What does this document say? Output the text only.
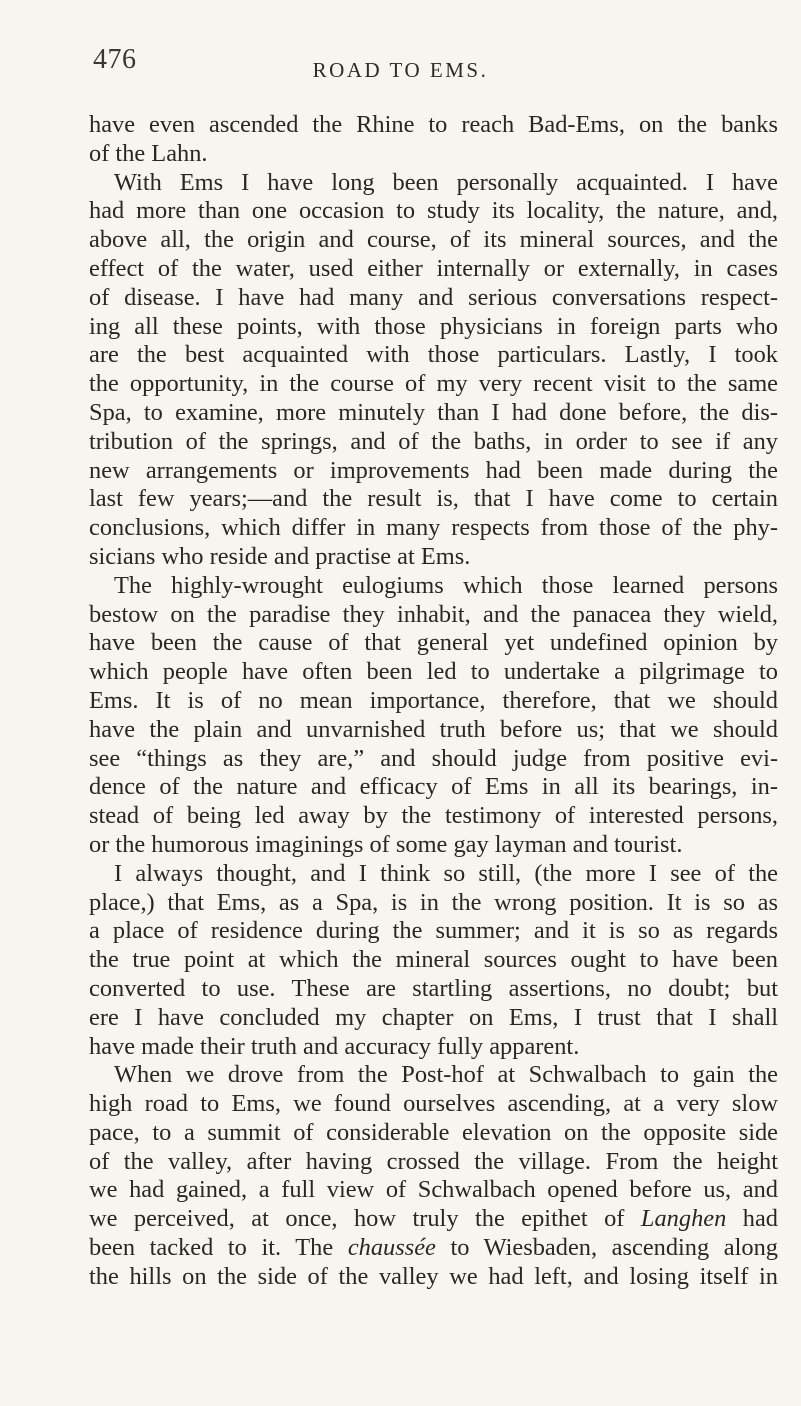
476	ROAD TO EMS.
have even ascended the Rhine to reach Bad-Ems, on the banks
of the Lahn.
With Ems I have long been personally acquainted. I have
had more than one occasion to study its locality, the nature, and,
above all, the origin and course, of its mineral sources, and the
effect of the water, used either internally or externally, in cases
of disease. I have had many and serious conversations respect-
ing all these points, with those physicians in foreign parts who
are the best acquainted with those particulars. Lastly, I took
the opportunity, in the course of my very recent visit to the same
Spa, to examine, more minutely than I had done before, the dis-
tribution of the springs, and of the baths, in order to see if any
new arrangements or improvements had been made during the
last few years;—and the result is, that I have come to certain
conclusions, which differ in many respects from those of the phy-
sicians who reside and practise at Ems.
The highly-wrought eulogiums which those learned persons
bestow on the paradise they inhabit, and the panacea they wield,
have been the cause of that general yet undefined opinion by
which people have often been led to undertake a pilgrimage to
Ems. It is of no mean importance, therefore, that we should
have the plain and unvarnished truth before us; that we should
see “things as they are,” and should judge from positive evi-
dence of the nature and efficacy of Ems in all its bearings, in-
stead of being led away by the testimony of interested persons,
or the humorous imaginings of some gay layman and tourist.
I always thought, and I think so still, (the more I see of the
place,) that Ems, as a Spa, is in the wrong position. It is so as
a place of residence during the summer; and it is so as regards
the true point at which the mineral sources ought to have been
converted to use. These are startling assertions, no doubt; but
ere I have concluded my chapter on Ems, I trust that I shall
have made their truth and accuracy fully apparent.
When we drove from the Post-hof at Schwalbach to gain the
high road to Ems, we found ourselves ascending, at a very slow
pace, to a summit of considerable elevation on the opposite side
of the valley, after having crossed the village. From the height
we had gained, a full view of Schwalbach opened before us, and
we perceived, at once, how truly the epithet of Langhen had
been tacked to it. The chaussée to Wiesbaden, ascending along
the hills on the side of the valley we had left, and losing itself in
